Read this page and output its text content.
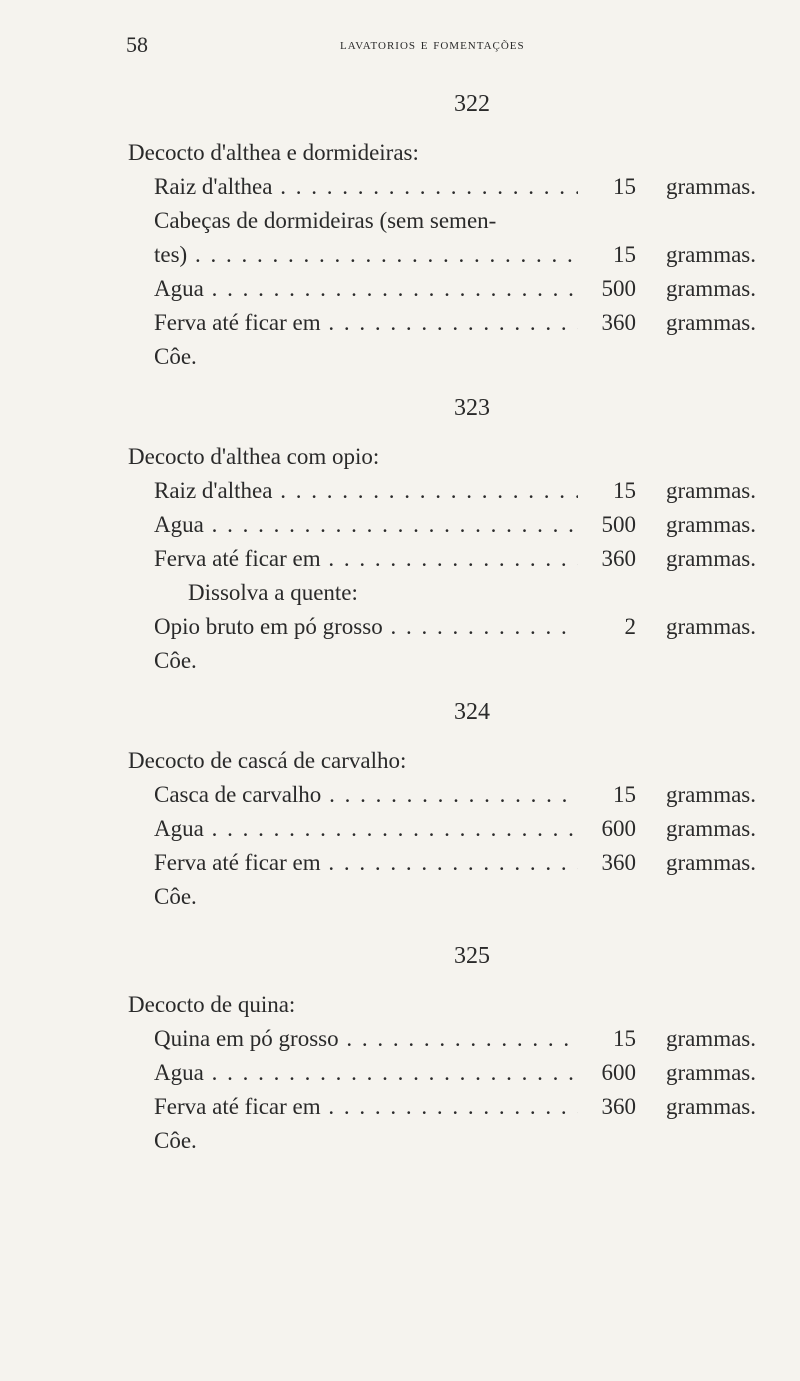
58	lavatorios e fomentações
322
Decocto d'althea e dormideiras:
Raiz d'althea . . .	15	grammas.
Cabeças de dormideiras (sem semen-
tes) . . .	15	grammas.
Agua . . .	500	grammas.
Ferva até ficar em . . .	360	grammas.
Côe.
323
Decocto d'althea com opio:
Raiz d'althea . . .	15	grammas.
Agua . . .	500	grammas.
Ferva até ficar em . . .	360	grammas.
Dissolva a quente:
Opio bruto em pó grosso . . .	2	grammas.
Côe.
324
Decocto de cascá de carvalho:
Casca de carvalho . . .	15	grammas.
Agua . . .	600	grammas.
Ferva até ficar em . . .	360	grammas.
Côe.
325
Decocto de quina:
Quina em pó grosso . . .	15	grammas.
Agua . . .	600	grammas.
Ferva até ficar em . . .	360	grammas.
Côe.
